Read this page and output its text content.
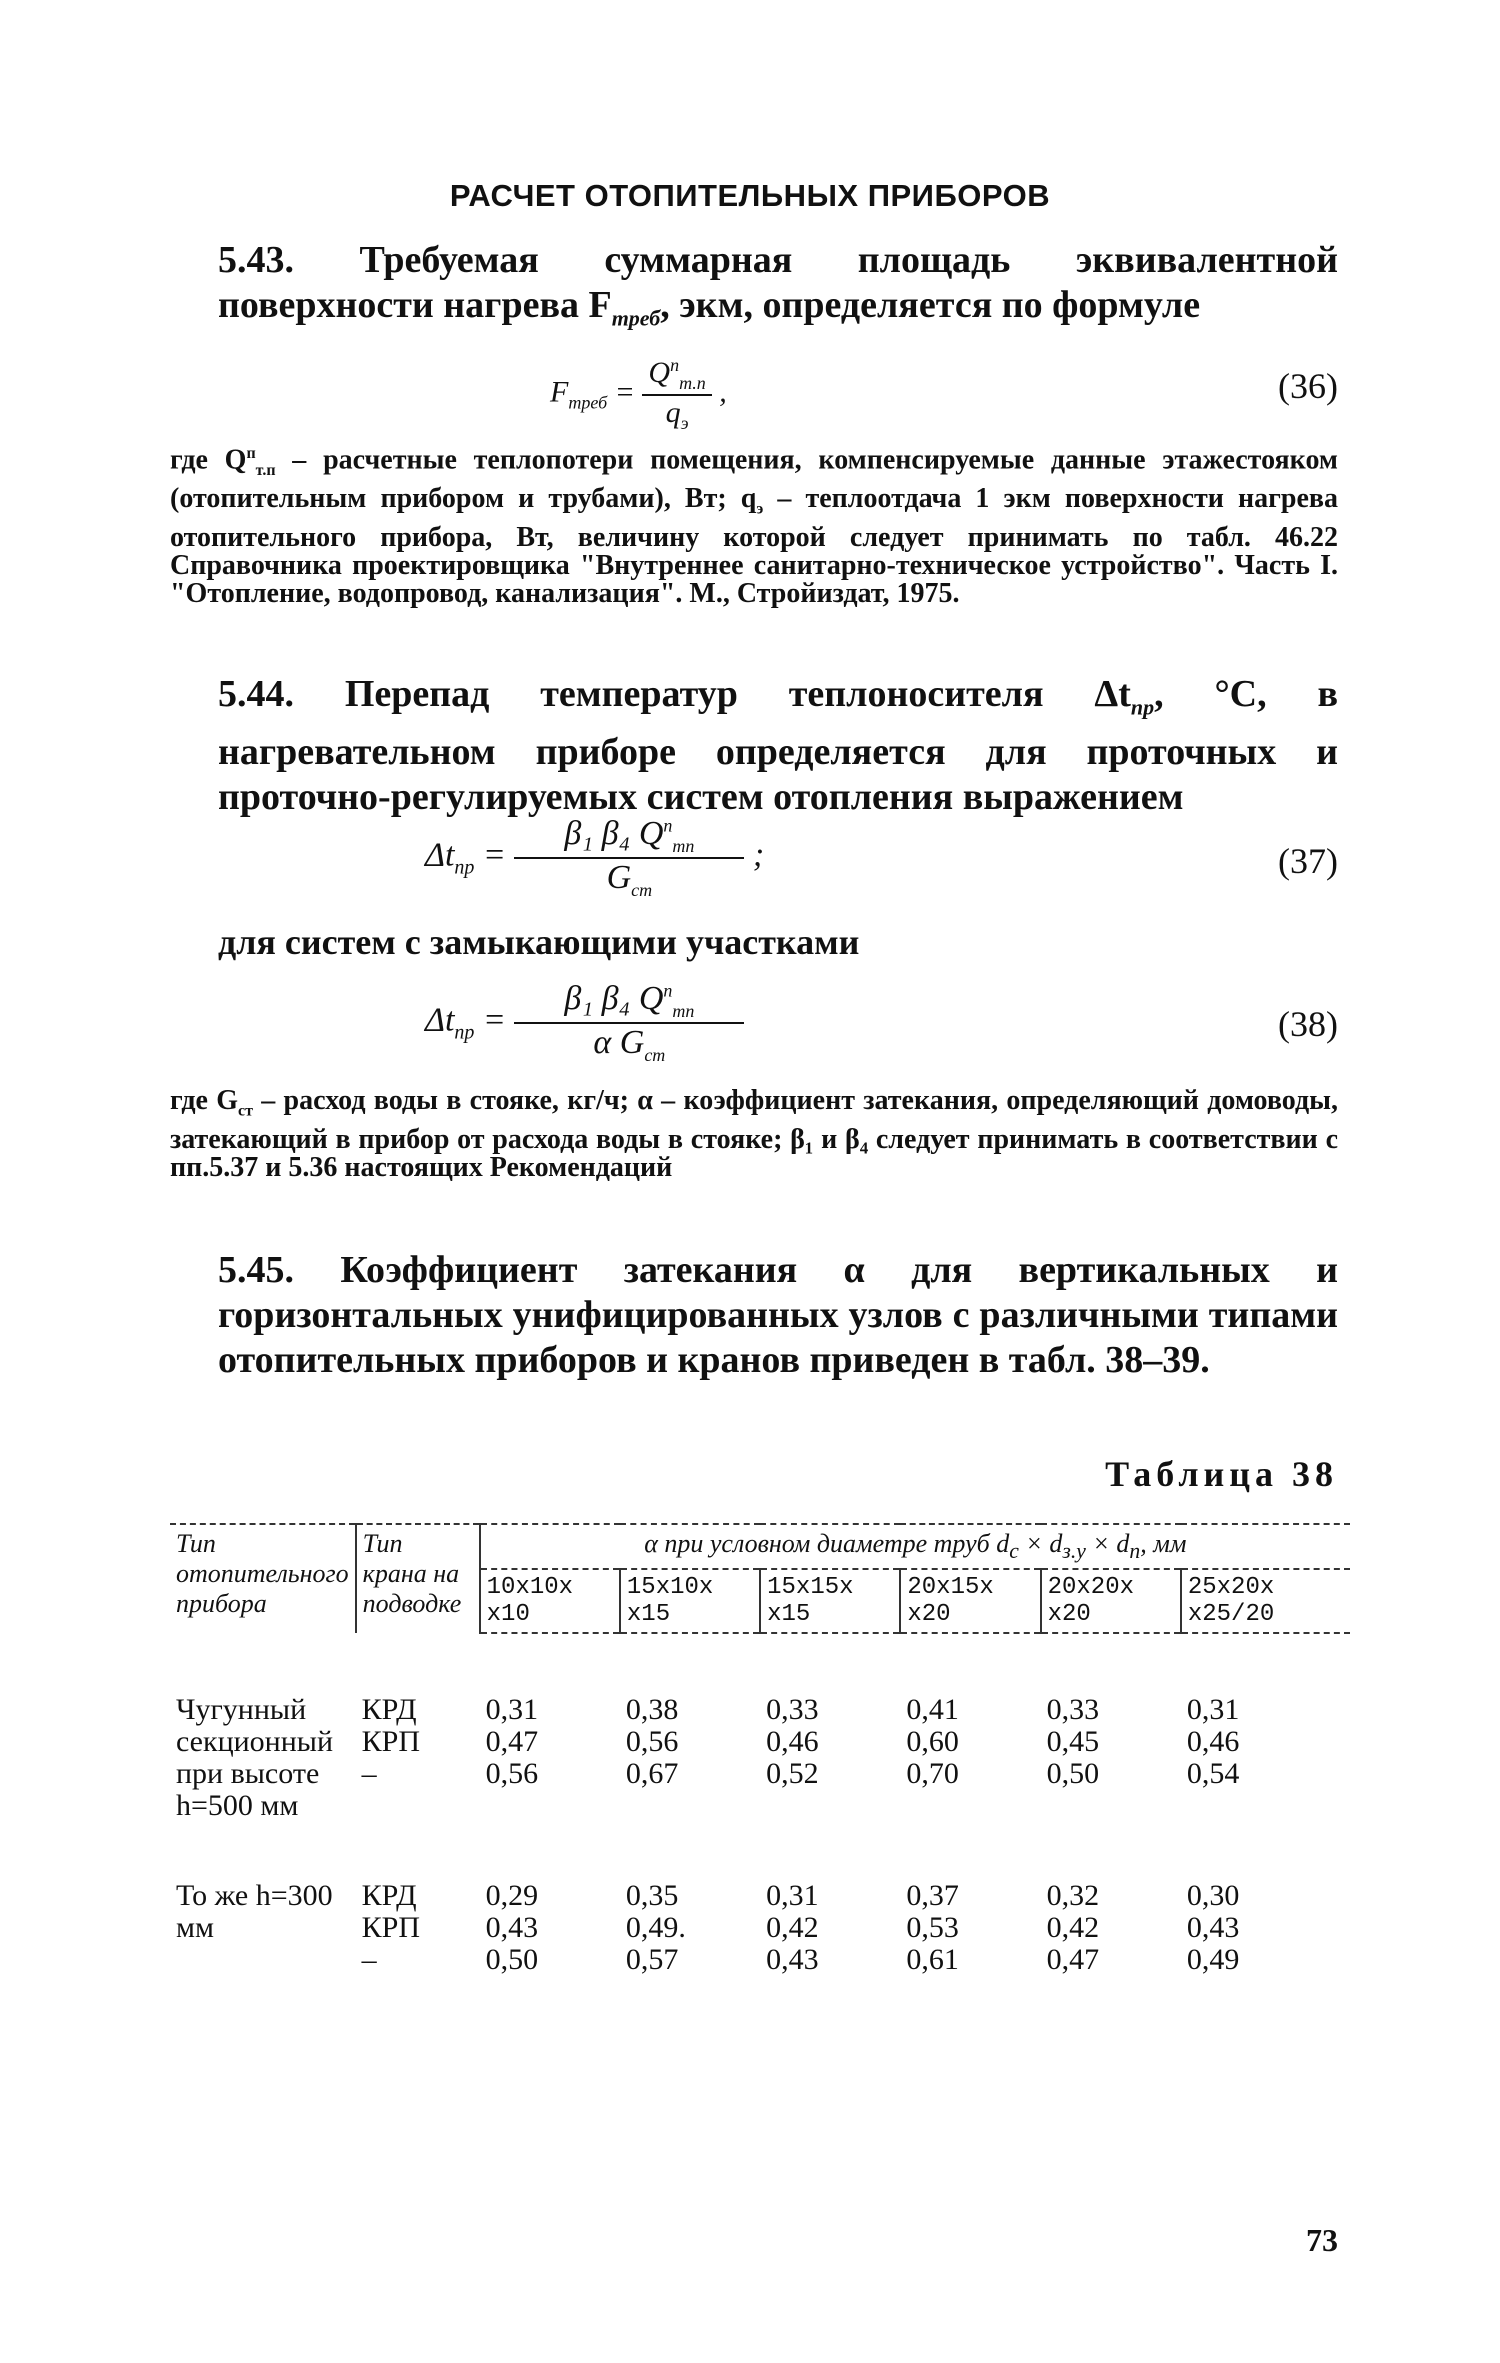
РАСЧЕТ ОТОПИТЕЛЬНЫХ ПРИБОРОВ
5.43. Требуемая суммарная площадь эквивалентной поверхности нагрева $F_{треб}$, экм, определяется по формуле
$F_{треб} = \frac{Q^п_{т.п}}{q_э}$ ,	(36)
где $Q^п_{т.п}$ – расчетные теплопотери помещения, компенсируемые данные этажестояком (отопительным прибором и трубами), Вт; $q_э$ – теплоотдача 1 экм поверхности нагрева отопительного прибора, Вт, величину которой следует принимать по табл. 46.22 Справочника проектировщика "Внутреннее санитарно-техническое устройство". Часть I. "Отопление, водопровод, канализация". М., Стройиздат, 1975.
5.44. Перепад температур теплоносителя $\Delta t_{пр}$, °С, в нагревательном приборе определяется для проточных и проточно-регулируемых систем отопления выражением
$\Delta t_{пр} = \frac{\beta_1 \beta_4 Q^п_{тп}}{G_{ст}}$ ;	(37)
для систем с замыкающими участками
$\Delta t_{пр} = \frac{\beta_1 \beta_4 Q^п_{тп}}{\alpha G_{ст}}$	(38)
где $G_{ст}$ – расход воды в стояке, кг/ч; α – коэффициент затекания, определяющий домоводы, затекающий в прибор от расхода воды в стояке; β₁ и β₄ следует принимать в соответствии с пп.5.37 и 5.36 настоящих Рекомендаций
5.45. Коэффициент затекания α для вертикальных и горизонтальных унифицированных узлов с различными типами отопительных приборов и кранов приведен в табл. 38–39.
Таблица 38
Тип отопительного прибора	Тип крана на подводке	α при условном диаметре труб $d_с \times d_{з.у} \times d_п$, мм					
		10x10x x10	15x10x x15	15x15x x15	20x15x x20	20x20x x20	25x20x x25/20

Чугунный секционный при высоте h=500 мм	КРД	0,31	0,38	0,33	0,41	0,33	0,31
	КРП	0,47	0,56	0,46	0,60	0,45	0,46
	–	0,56	0,67	0,52	0,70	0,50	0,54

То же h=300 мм	КРД	0,29	0,35	0,31	0,37	0,32	0,30
	КРП	0,43	0,49.	0,42	0,53	0,42	0,43
	–	0,50	0,57	0,43	0,61	0,47	0,49
73
